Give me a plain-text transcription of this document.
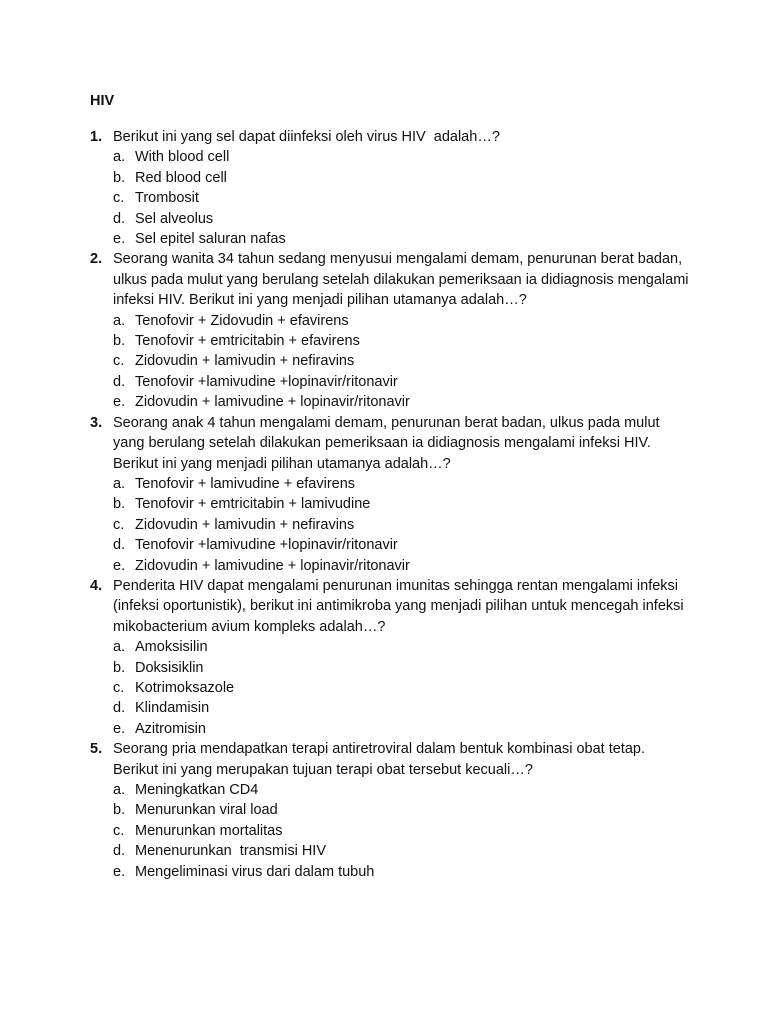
HIV
1. Berikut ini yang sel dapat diinfeksi oleh virus HIV  adalah…?

a. With blood cell
b. Red blood cell
c. Trombosit
d. Sel alveolus
e. Sel epitel saluran nafas
2. Seorang wanita 34 tahun sedang menyusui mengalami demam, penurunan berat badan, ulkus pada mulut yang berulang setelah dilakukan pemeriksaan ia didiagnosis mengalami infeksi HIV. Berikut ini yang menjadi pilihan utamanya adalah…?

a. Tenofovir + Zidovudin + efavirens
b. Tenofovir + emtricitabin + efavirens
c. Zidovudin + lamivudin + nefiravins
d. Tenofovir +lamivudine +lopinavir/ritonavir
e. Zidovudin + lamivudine + lopinavir/ritonavir
3. Seorang anak 4 tahun mengalami demam, penurunan berat badan, ulkus pada mulut yang berulang setelah dilakukan pemeriksaan ia didiagnosis mengalami infeksi HIV. Berikut ini yang menjadi pilihan utamanya adalah…?

a. Tenofovir + lamivudine + efavirens
b. Tenofovir + emtricitabin + lamivudine
c. Zidovudin + lamivudin + nefiravins
d. Tenofovir +lamivudine +lopinavir/ritonavir
e. Zidovudin + lamivudine + lopinavir/ritonavir
4. Penderita HIV dapat mengalami penurunan imunitas sehingga rentan mengalami infeksi (infeksi oportunistik), berikut ini antimikroba yang menjadi pilihan untuk mencegah infeksi mikobacterium avium kompleks adalah…?

a. Amoksisilin
b. Doksisiklin
c. Kotrimoksazole
d. Klindamisin
e. Azitromisin
5. Seorang pria mendapatkan terapi antiretroviral dalam bentuk kombinasi obat tetap. Berikut ini yang merupakan tujuan terapi obat tersebut kecuali…?

a. Meningkatkan CD4
b. Menurunkan viral load
c. Menurunkan mortalitas
d. Menenurunkan  transmisi HIV
e. Mengeliminasi virus dari dalam tubuh
